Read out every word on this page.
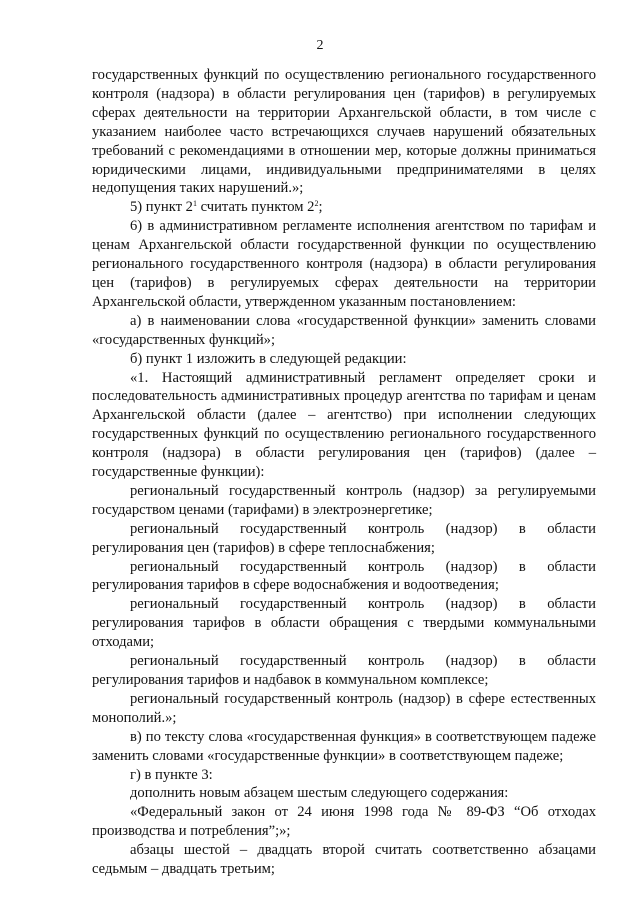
2

государственных функций по осуществлению регионального государственного контроля (надзора) в области регулирования цен (тарифов) в регулируемых сферах деятельности на территории Архангельской области, в том числе с указанием наиболее часто встречающихся случаев нарушений обязательных требований с рекомендациями в отношении мер, которые должны приниматься юридическими лицами, индивидуальными предпринимателями в целях недопущения таких нарушений.»;

5) пункт $2^1$ считать пунктом $2^2$;

6) в административном регламенте исполнения агентством по тарифам и ценам Архангельской области государственной функции по осуществлению регионального государственного контроля (надзора) в области регулирования цен (тарифов) в регулируемых сферах деятельности на территории Архангельской области, утвержденном указанным постановлением:

а) в наименовании слова «государственной функции» заменить словами «государственных функций»;

б) пункт 1 изложить в следующей редакции:

«1. Настоящий административный регламент определяет сроки и последовательность административных процедур агентства по тарифам и ценам Архангельской области (далее – агентство) при исполнении следующих государственных функций по осуществлению регионального государственного контроля (надзора) в области регулирования цен (тарифов) (далее – государственные функции):

региональный государственный контроль (надзор) за регулируемыми государством ценами (тарифами) в электроэнергетике;

региональный государственный контроль (надзор) в области регулирования цен (тарифов) в сфере теплоснабжения;

региональный государственный контроль (надзор) в области регулирования тарифов в сфере водоснабжения и водоотведения;

региональный государственный контроль (надзор) в области регулирования тарифов в области обращения с твердыми коммунальными отходами;

региональный государственный контроль (надзор) в области регулирования тарифов и надбавок в коммунальном комплексе;

региональный государственный контроль (надзор) в сфере естественных монополий.»;

в) по тексту слова «государственная функция» в соответствующем падеже заменить словами «государственные функции» в соответствующем падеже;

г) в пункте 3:

дополнить новым абзацем шестым следующего содержания:

«Федеральный закон от 24 июня 1998 года № 89-ФЗ “Об отходах производства и потребления”;»;

абзацы шестой – двадцать второй считать соответственно абзацами седьмым – двадцать третьим;
